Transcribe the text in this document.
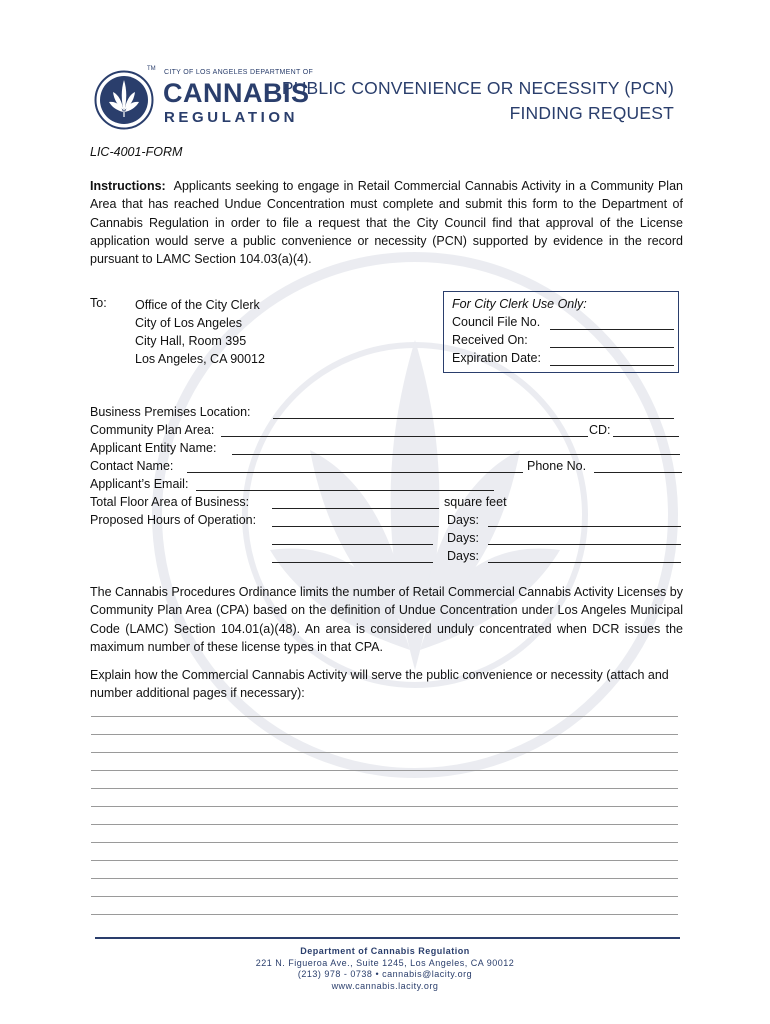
TM CITY OF LOS ANGELES DEPARTMENT OF
CANNABIS
REGULATION
PUBLIC CONVENIENCE OR NECESSITY (PCN)
FINDING REQUEST
LIC-4001-FORM
Instructions: Applicants seeking to engage in Retail Commercial Cannabis Activity in a Community Plan Area that has reached Undue Concentration must complete and submit this form to the Department of Cannabis Regulation in order to file a request that the City Council find that approval of the License application would serve a public convenience or necessity (PCN) supported by evidence in the record pursuant to LAMC Section 104.03(a)(4).
To: Office of the City Clerk
City of Los Angeles
City Hall, Room 395
Los Angeles, CA 90012
For City Clerk Use Only:
Council File No.
Received On:
Expiration Date:
Business Premises Location:
Community Plan Area:	CD:
Applicant Entity Name:
Contact Name:	Phone No.
Applicant’s Email:
Total Floor Area of Business:	square feet
Proposed Hours of Operation:	Days:
Days:
Days:
The Cannabis Procedures Ordinance limits the number of Retail Commercial Cannabis Activity Licenses by Community Plan Area (CPA) based on the definition of Undue Concentration under Los Angeles Municipal Code (LAMC) Section 104.01(a)(48). An area is considered unduly concentrated when DCR issues the maximum number of these license types in that CPA.
Explain how the Commercial Cannabis Activity will serve the public convenience or necessity (attach and number additional pages if necessary):
Department of Cannabis Regulation
221 N. Figueroa Ave., Suite 1245, Los Angeles, CA 90012
(213) 978 - 0738 • cannabis@lacity.org
www.cannabis.lacity.org
